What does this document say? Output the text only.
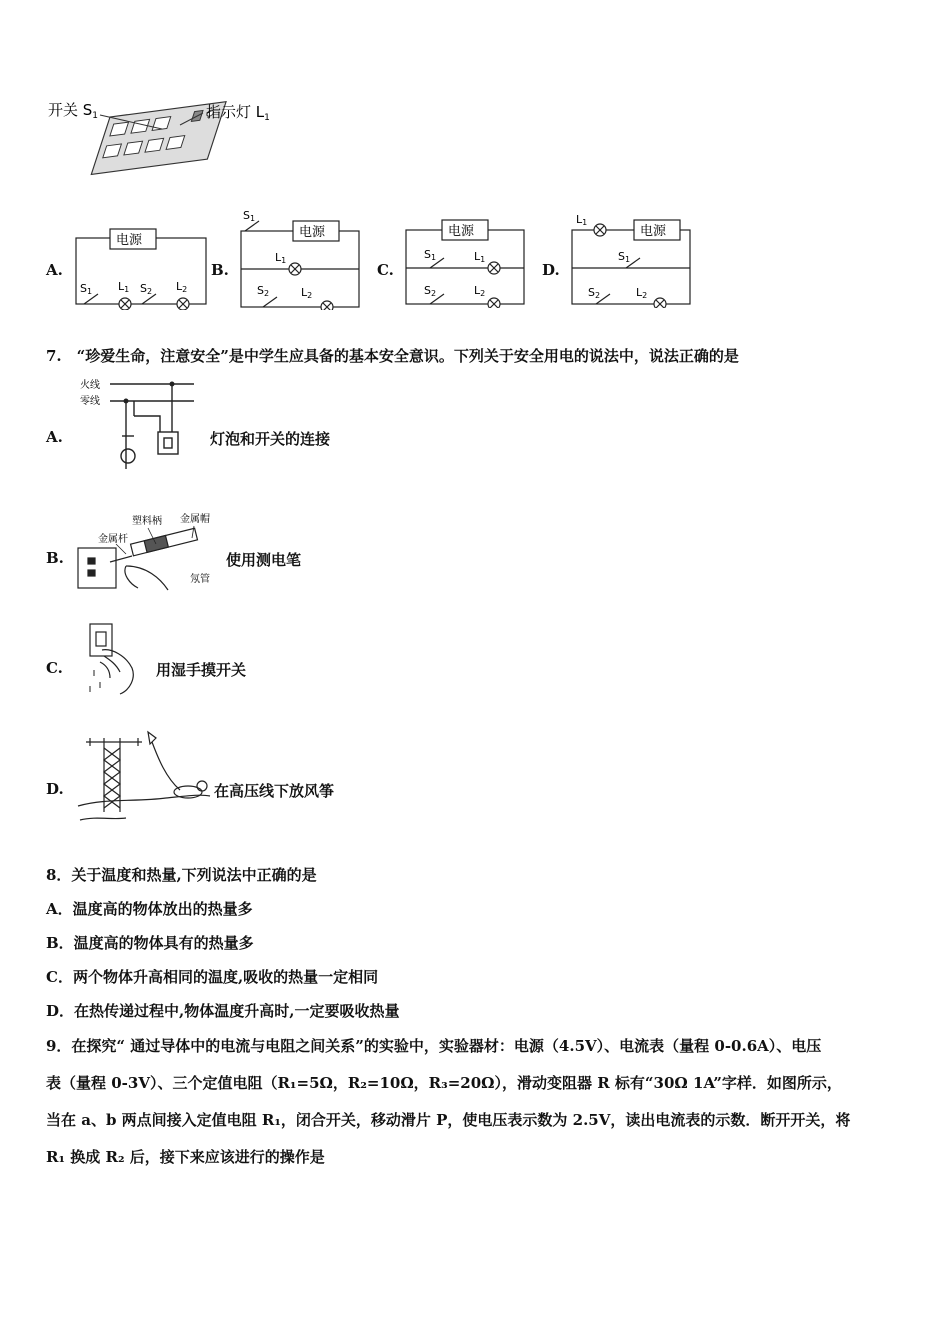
开关 $S_1$	指示灯 $L_1$
A.
电源
S1 L1 S2 L2
B.
电源
S1
L1
S2	L2
C.
电源
S1	L1
S2	L2
D.
电源
L1
S1
S2	L2
7.　“珍爱生命，注意安全”是中学生应具备的基本安全意识。下列关于安全用电的说法中，说法正确的是
A.
火线
零线
灯泡和开关的连接
B.
塑料柄 金属帽
金属杆
氖管
使用测电笔
C.	用湿手摸开关
D.	在高压线下放风筝
8．关于温度和热量,下列说法中正确的是
A．温度高的物体放出的热量多
B．温度高的物体具有的热量多
C．两个物体升高相同的温度,吸收的热量一定相同
D．在热传递过程中,物体温度升高时,一定要吸收热量
9．在探究“ 通过导体中的电流与电阻之间关系”的实验中，实验器材：电源（4.5V）、电流表（量程 0-0.6A）、电压
表（量程 0-3V）、三个定值电阻（R₁=5Ω，R₂=10Ω，R₃=20Ω），滑动变阻器 R 标有“30Ω 1A”字样．如图所示，
当在 a、b 两点间接入定值电阻 R₁，闭合开关，移动滑片 P，使电压表示数为 2.5V，读出电流表的示数．断开开关，将
R₁ 换成 R₂ 后，接下来应该进行的操作是
